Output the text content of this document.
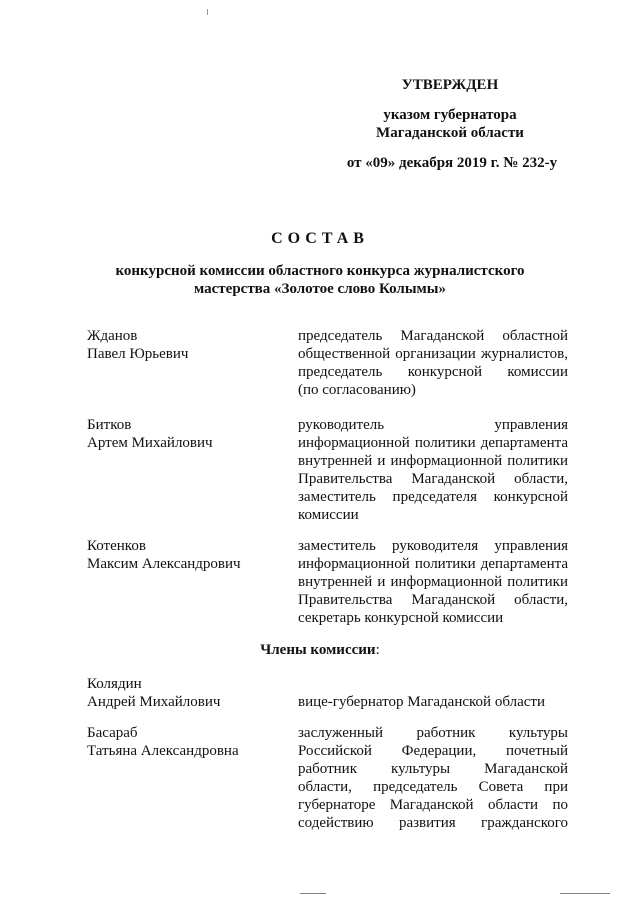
УТВЕРЖДЕН
указом губернатора
Магаданской области
от «09» декабря 2019 г. № 232-у
СОСТАВ
конкурсной комиссии областного конкурса журналистского
мастерства «Золотое слово Колымы»
Жданов
Павел Юрьевич
председатель Магаданской областной
общественной организации журналистов,
председатель конкурсной комиссии
(по согласованию)
Битков
Артем Михайлович
руководитель управления
информационной политики департамента
внутренней и информационной политики
Правительства Магаданской области,
заместитель председателя конкурсной
комиссии
Котенков
Максим Александрович
заместитель руководителя управления
информационной политики департамента
внутренней и информационной политики
Правительства Магаданской области,
секретарь конкурсной комиссии
Члены комиссии:
Колядин
Андрей Михайлович	вице-губернатор Магаданской области
Басараб
Татьяна Александровна
заслуженный работник культуры
Российской Федерации, почетный
работник культуры Магаданской
области, председатель Совета при
губернаторе Магаданской области по
содействию развития гражданского
